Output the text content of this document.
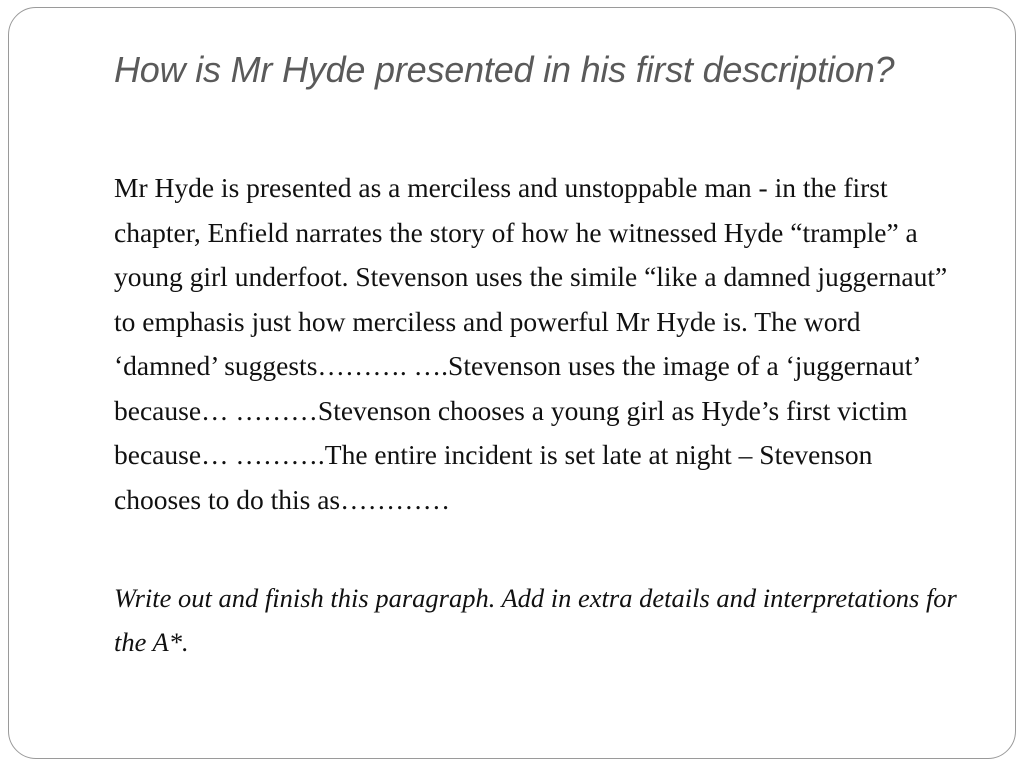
How is Mr Hyde presented in his first description?

Mr Hyde is presented as a merciless and unstoppable man - in the first chapter, Enfield narrates the story of how he witnessed Hyde “trample” a young girl underfoot. Stevenson uses the simile “like a damned juggernaut” to emphasis just how merciless and powerful Mr Hyde is. The word ‘damned’ suggests………. ….Stevenson uses the image of a ‘juggernaut’ because… ………Stevenson chooses a young girl as Hyde’s first victim because… ……….The entire incident is set late at night – Stevenson chooses to do this as…………

Write out and finish this paragraph. Add in extra details and interpretations for the A*.
